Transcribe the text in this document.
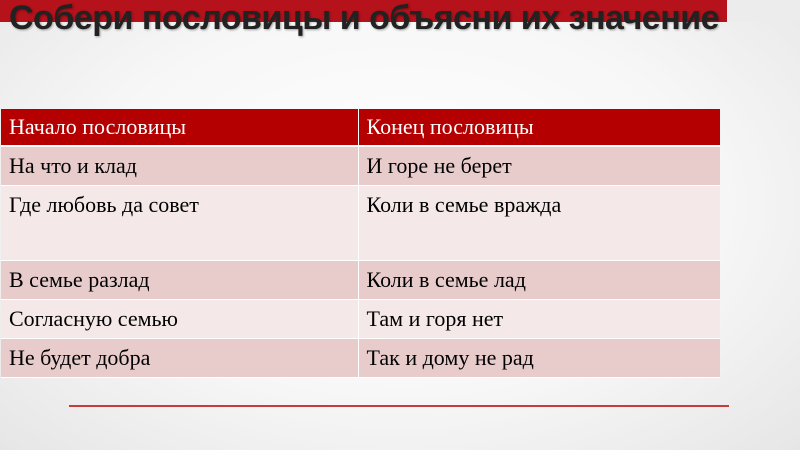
Собери пословицы и объясни их значение
Начало пословицы	Конец пословицы
На что и клад	И горе не берет
Где любовь да совет	Коли в семье вражда
В семье разлад	Коли в семье лад
Согласную семью	Там и горя нет
Не будет добра	Так и дому не рад
